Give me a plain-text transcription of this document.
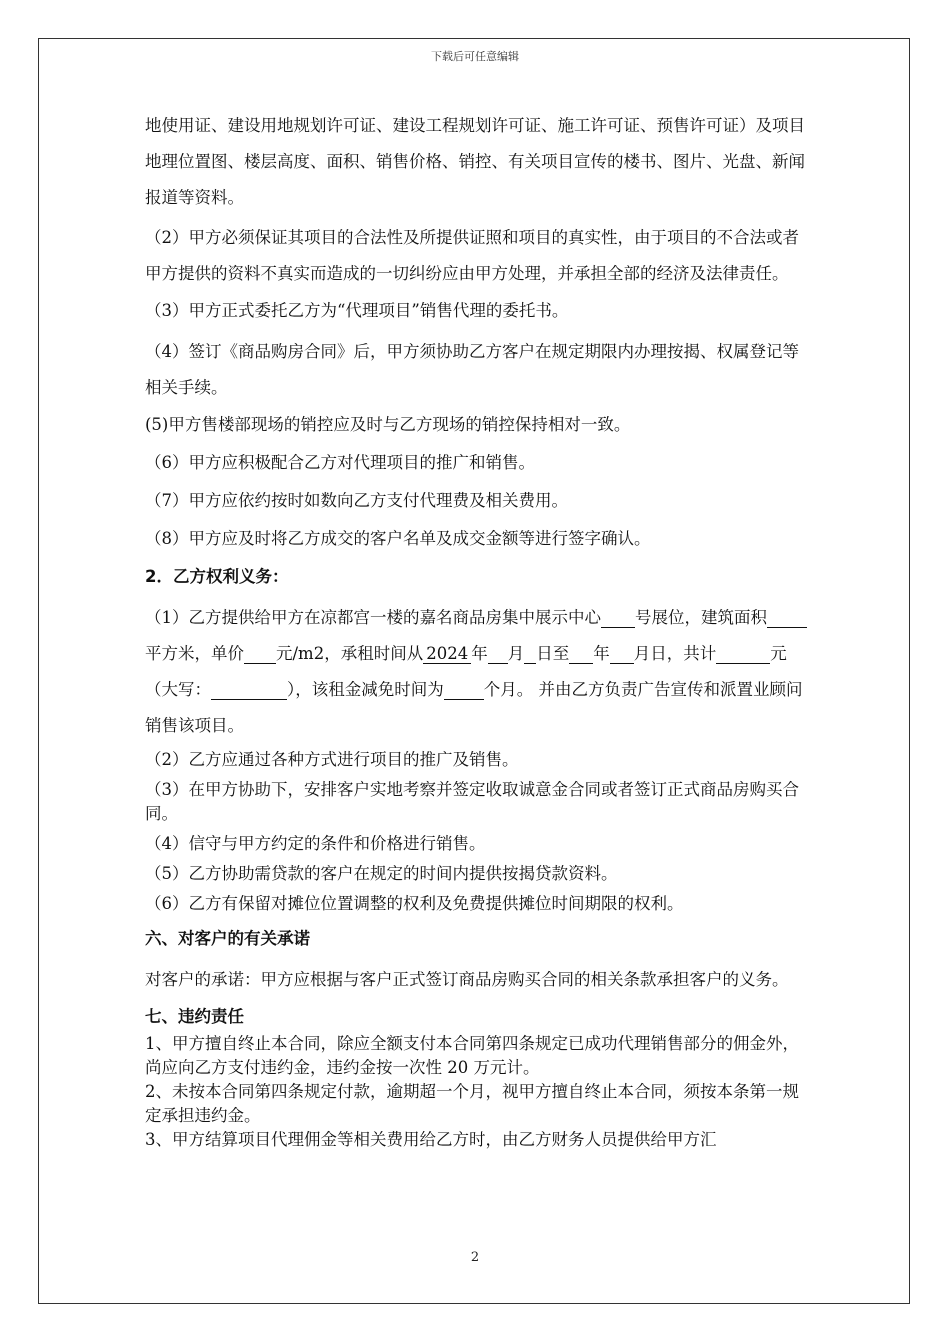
下载后可任意编辑

地使用证、建设用地规划许可证、建设工程规划许可证、施工许可证、预售许可证）及项目地理位置图、楼层高度、面积、销售价格、销控、有关项目宣传的楼书、图片、光盘、新闻报道等资料。

（2）甲方必须保证其项目的合法性及所提供证照和项目的真实性，由于项目的不合法或者甲方提供的资料不真实而造成的一切纠纷应由甲方处理，并承担全部的经济及法律责任。

（3）甲方正式委托乙方为“代理项目”销售代理的委托书。

（4）签订《商品购房合同》后，甲方须协助乙方客户在规定期限内办理按揭、权属登记等相关手续。

(5)甲方售楼部现场的销控应及时与乙方现场的销控保持相对一致。

（6）甲方应积极配合乙方对代理项目的推广和销售。

（7）甲方应依约按时如数向乙方支付代理费及相关费用。

（8）甲方应及时将乙方成交的客户名单及成交金额等进行签字确认。

2．乙方权利义务：

（1）乙方提供给甲方在凉都宫一楼的嘉名商品房集中展示中心 号展位，建筑面积 平方米，单价 元/m2，承租时间从 2024 年 月 日至 年 月日，共计	元（大写：	），该租金减免时间为 个月。 并由乙方负责广告宣传和派置业顾问销售该项目。

（2）乙方应通过各种方式进行项目的推广及销售。

（3）在甲方协助下，安排客户实地考察并签定收取诚意金合同或者签订正式商品房购买合同。

（4）信守与甲方约定的条件和价格进行销售。

（5）乙方协助需贷款的客户在规定的时间内提供按揭贷款资料。

（6）乙方有保留对摊位位置调整的权利及免费提供摊位时间期限的权利。

六、对客户的有关承诺

对客户的承诺：甲方应根据与客户正式签订商品房购买合同的相关条款承担客户的义务。

七、违约责任

1、甲方擅自终止本合同，除应全额支付本合同第四条规定已成功代理销售部分的佣金外，尚应向乙方支付违约金，违约金按一次性 20 万元计。

2、未按本合同第四条规定付款，逾期超一个月，视甲方擅自终止本合同，须按本条第一规定承担违约金。

3、甲方结算项目代理佣金等相关费用给乙方时，由乙方财务人员提供给甲方汇

2
